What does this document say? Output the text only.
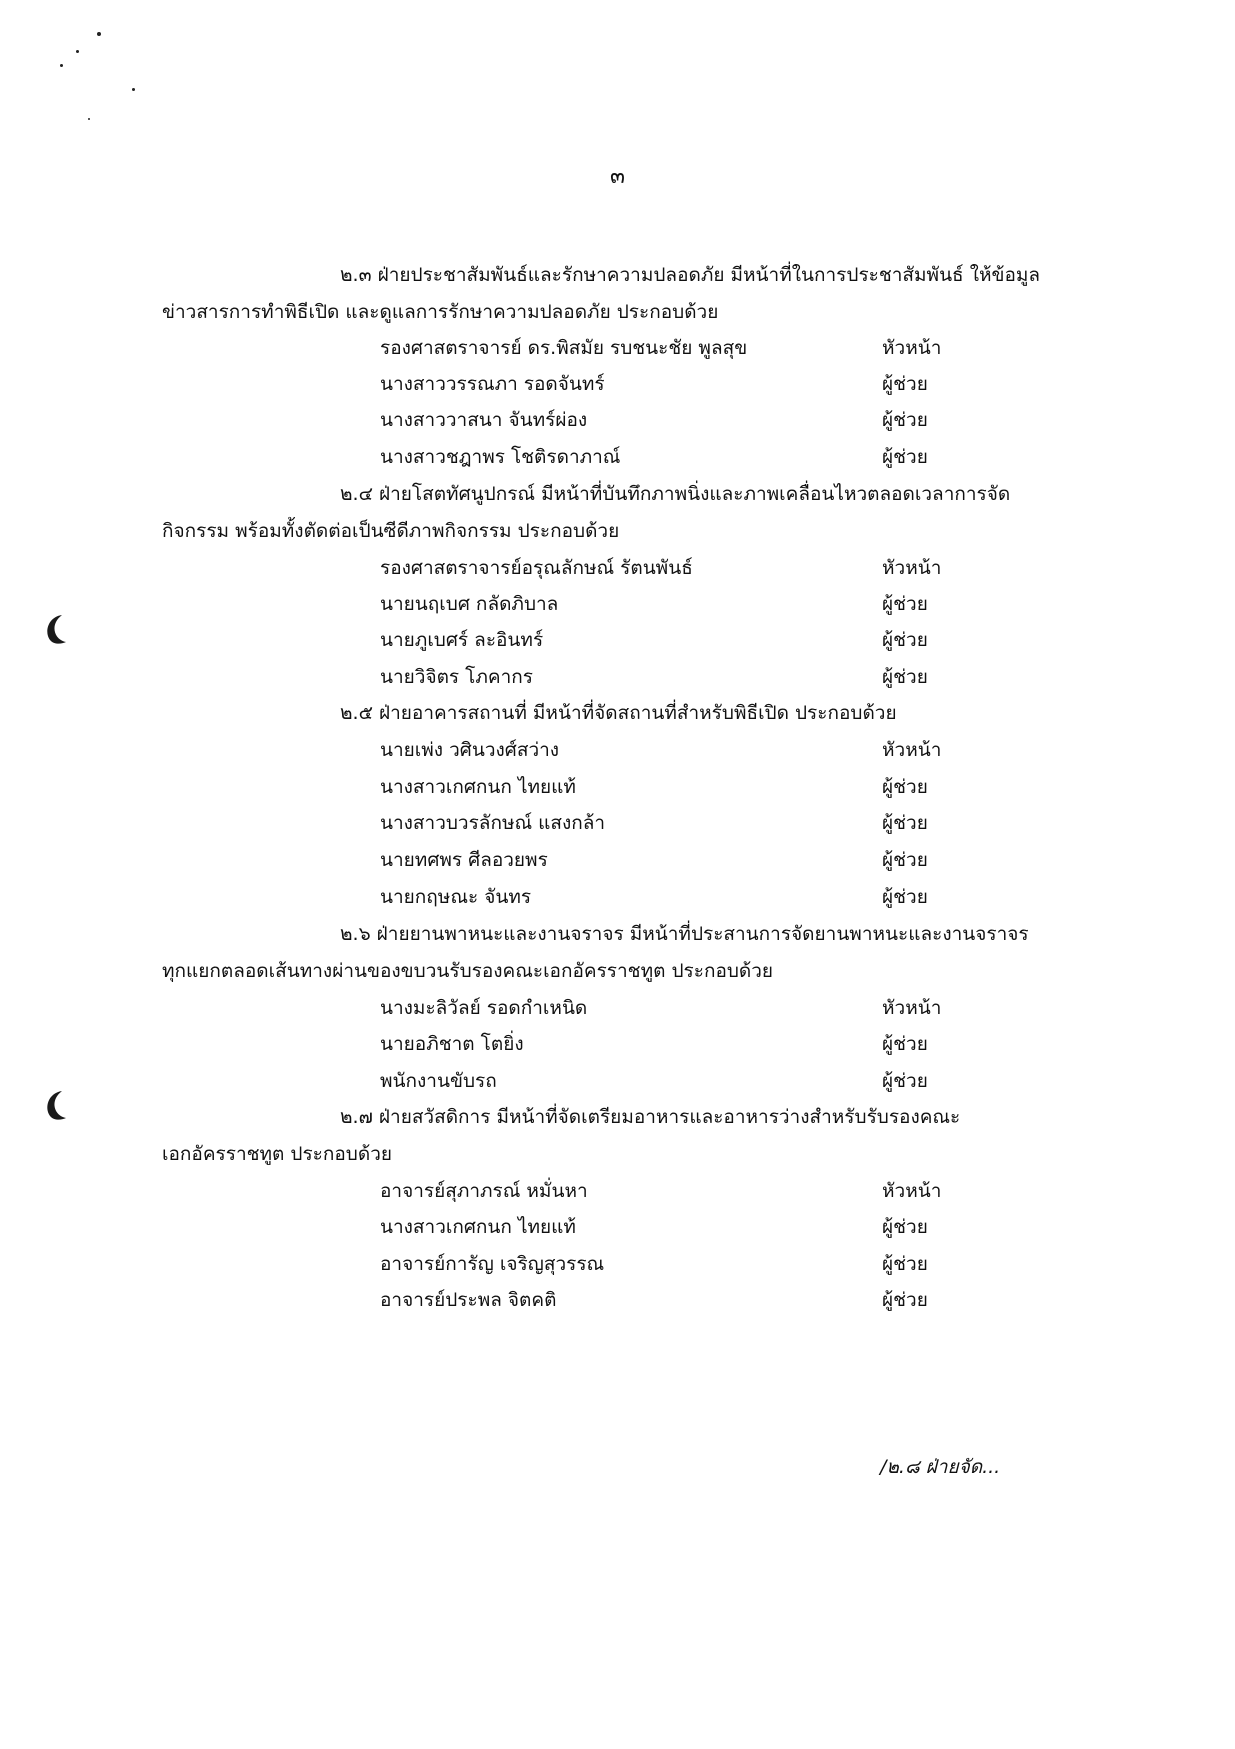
๓
๒.๓ ฝ่ายประชาสัมพันธ์และรักษาความปลอดภัย มีหน้าที่ในการประชาสัมพันธ์ ให้ข้อมูล
ข่าวสารการทำพิธีเปิด และดูแลการรักษาความปลอดภัย ประกอบด้วย
รองศาสตราจารย์ ดร.พิสมัย รบชนะชัย พูลสุข	หัวหน้า
นางสาววรรณภา รอดจันทร์	ผู้ช่วย
นางสาววาสนา จันทร์ผ่อง	ผู้ช่วย
นางสาวชฎาพร โชติรดาภาณ์	ผู้ช่วย
๒.๔ ฝ่ายโสตทัศนูปกรณ์ มีหน้าที่บันทึกภาพนิ่งและภาพเคลื่อนไหวตลอดเวลาการจัด
กิจกรรม พร้อมทั้งตัดต่อเป็นซีดีภาพกิจกรรม ประกอบด้วย
รองศาสตราจารย์อรุณลักษณ์ รัตนพันธ์	หัวหน้า
นายนฤเบศ กลัดภิบาล	ผู้ช่วย
นายภูเบศร์ ละอินทร์	ผู้ช่วย
นายวิจิตร โภคากร	ผู้ช่วย
๒.๕ ฝ่ายอาคารสถานที่ มีหน้าที่จัดสถานที่สำหรับพิธีเปิด ประกอบด้วย
นายเพ่ง วศินวงศ์สว่าง	หัวหน้า
นางสาวเกศกนก ไทยแท้	ผู้ช่วย
นางสาวบวรลักษณ์ แสงกล้า	ผู้ช่วย
นายทศพร ศีลอวยพร	ผู้ช่วย
นายกฤษณะ จันทร	ผู้ช่วย
๒.๖ ฝ่ายยานพาหนะและงานจราจร มีหน้าที่ประสานการจัดยานพาหนะและงานจราจร
ทุกแยกตลอดเส้นทางผ่านของขบวนรับรองคณะเอกอัครราชทูต ประกอบด้วย
นางมะลิวัลย์ รอดกำเหนิด	หัวหน้า
นายอภิชาต โตยิ่ง	ผู้ช่วย
พนักงานขับรถ	ผู้ช่วย
๒.๗ ฝ่ายสวัสดิการ มีหน้าที่จัดเตรียมอาหารและอาหารว่างสำหรับรับรองคณะ
เอกอัครราชทูต ประกอบด้วย
อาจารย์สุภาภรณ์ หมั่นหา	หัวหน้า
นางสาวเกศกนก ไทยแท้	ผู้ช่วย
อาจารย์การัญ เจริญสุวรรณ	ผู้ช่วย
อาจารย์ประพล จิตคติ	ผู้ช่วย
/๒.๘ ฝ่ายจัด...
